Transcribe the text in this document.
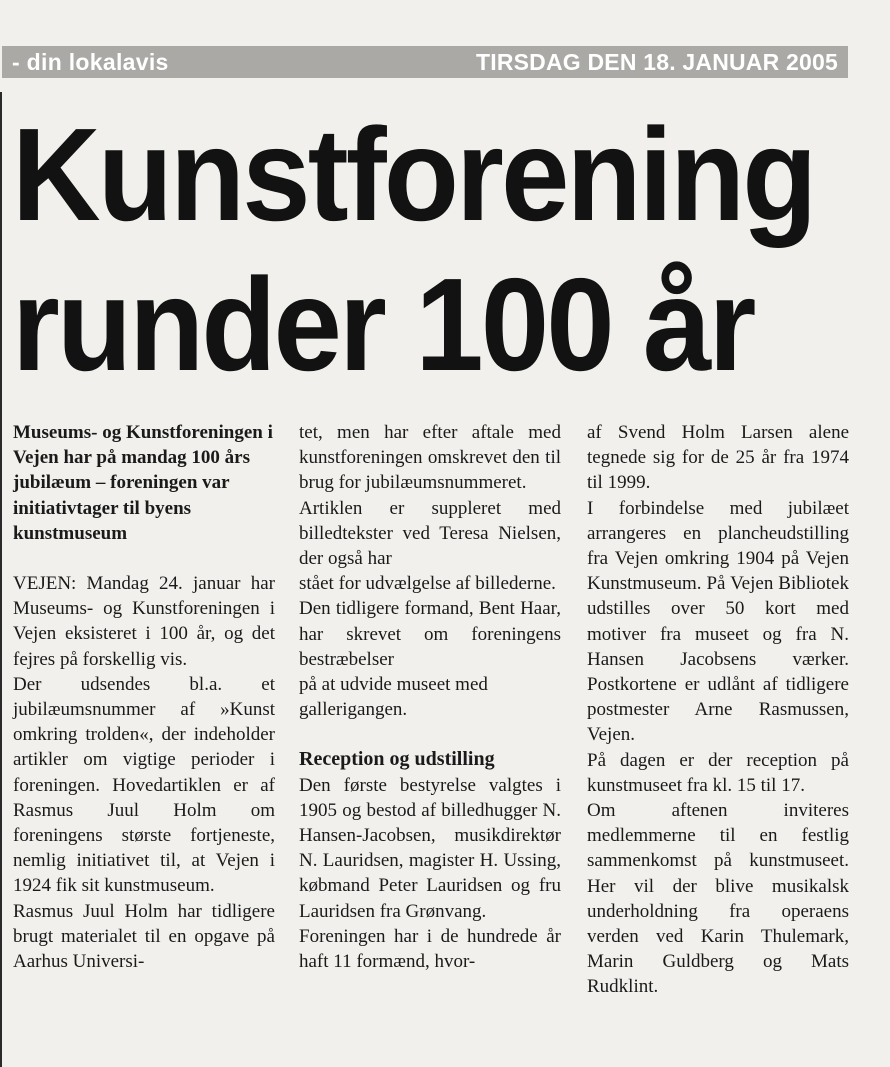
- din lokalavis	TIRSDAG DEN 18. JANUAR 2005
Kunstforening
runder 100 år

Museums- og Kunstforeningen i Vejen har på mandag 100 års jubilæum – foreningen var initiativtager til byens kunstmuseum

VEJEN: Mandag 24. januar har Museums- og Kunstforeningen i Vejen eksisteret i 100 år, og det fejres på forskellig vis.

Der udsendes bl.a. et jubilæumsnummer af »Kunst omkring trolden«, der indeholder artikler om vigtige perioder i foreningen. Hovedartiklen er af Rasmus Juul Holm om foreningens største fortjeneste, nemlig initiativet til, at Vejen i 1924 fik sit kunstmuseum.

Rasmus Juul Holm har tidligere brugt materialet til en opgave på Aarhus Universi-

tet, men har efter aftale med kunstforeningen omskrevet den til brug for jubilæumsnummeret.

Artiklen er suppleret med billedtekster ved Teresa Nielsen, der også har

stået for udvælgelse af billederne.

Den tidligere formand, Bent Haar, har skrevet om foreningens bestræbelser

på at udvide museet med gallerigangen.

Reception og udstilling

Den første bestyrelse valgtes i 1905 og bestod af billedhugger N. Hansen-Jacobsen, musikdirektør N. Lauridsen, magister H. Ussing, købmand Peter Lauridsen og fru Lauridsen fra Grønvang.

Foreningen har i de hundrede år haft 11 formænd, hvor-

af Svend Holm Larsen alene tegnede sig for de 25 år fra 1974 til 1999.

I forbindelse med jubilæet arrangeres en plancheudstilling fra Vejen omkring 1904 på Vejen Kunstmuseum. På Vejen Bibliotek udstilles over 50 kort med motiver fra museet og fra N. Hansen Jacobsens værker. Postkortene er udlånt af tidligere postmester Arne Rasmussen, Vejen.

På dagen er der reception på kunstmuseet fra kl. 15 til 17.

Om aftenen inviteres medlemmerne til en festlig sammenkomst på kunstmuseet. Her vil der blive musikalsk underholdning fra operaens verden ved Karin Thulemark, Marin Guldberg og Mats Rudklint.
